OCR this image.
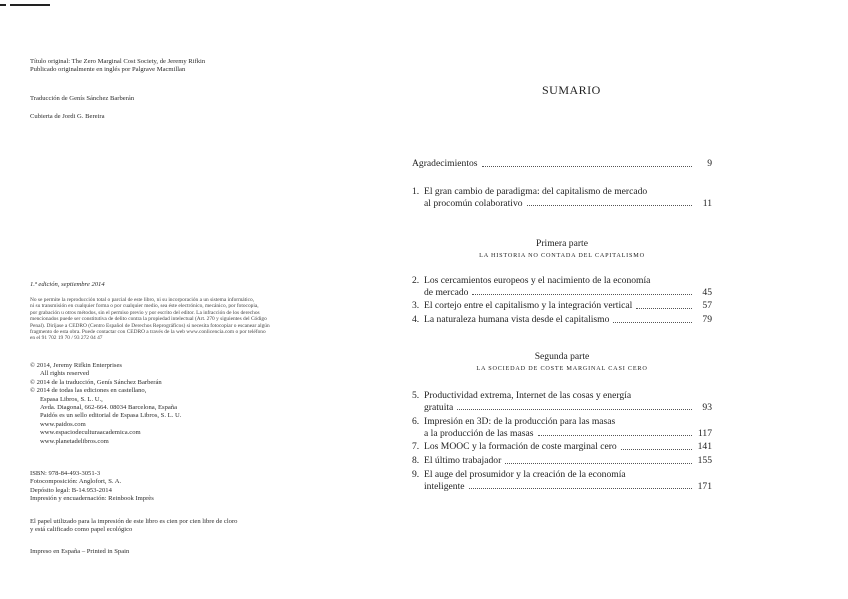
Título original: The Zero Marginal Cost Society, de Jeremy Rifkin
Publicado originalmente en inglés por Palgrave Macmillan
Traducción de Genís Sánchez Barberán
Cubierta de Jordi G. Bereira
1.ª edición, septiembre 2014
No se permite la reproducción total o parcial de este libro, ni su incorporación a un sistema informático,
ni su transmisión en cualquier forma o por cualquier medio, sea éste electrónico, mecánico, por fotocopia,
por grabación u otros métodos, sin el permiso previo y por escrito del editor. La infracción de los derechos
mencionados puede ser constitutiva de delito contra la propiedad intelectual (Art. 270 y siguientes del Código
Penal). Diríjase a CEDRO (Centro Español de Derechos Reprográficos) si necesita fotocopiar o escanear algún
fragmento de esta obra. Puede contactar con CEDRO a través de la web www.conlicencia.com o por teléfono
en el 91 702 19 70 / 93 272 04 47
© 2014, Jeremy Rifkin Enterprises
All rights reserved
© 2014 de la traducción, Genís Sánchez Barberán
© 2014 de todas las ediciones en castellano,
Espasa Libros, S. L. U.,
Avda. Diagonal, 662-664. 08034 Barcelona, España
Paidós es un sello editorial de Espasa Libros, S. L. U.
www.paidos.com
www.espaciodeculturaacademica.com
www.planetadelibros.com
ISBN: 978-84-493-3051-3
Fotocomposición: Anglofort, S. A.
Depósito legal: B-14.953-2014
Impresión y encuadernación: Reinbook Imprès
El papel utilizado para la impresión de este libro es cien por cien libre de cloro
y está calificado como papel ecológico
Impreso en España – Printed in Spain
SUMARIO
Agradecimientos	9
1. El gran cambio de paradigma: del capitalismo de mercado
al procomún colaborativo	11
Primera parte
LA HISTORIA NO CONTADA DEL CAPITALISMO
2. Los cercamientos europeos y el nacimiento de la economía
de mercado	45
3. El cortejo entre el capitalismo y la integración vertical	57
4. La naturaleza humana vista desde el capitalismo	79
Segunda parte
LA SOCIEDAD DE COSTE MARGINAL CASI CERO
5. Productividad extrema, Internet de las cosas y energía
gratuita	93
6. Impresión en 3D: de la producción para las masas
a la producción de las masas	117
7. Los MOOC y la formación de coste marginal cero	141
8. El último trabajador	155
9. El auge del prosumidor y la creación de la economía
inteligente	171
